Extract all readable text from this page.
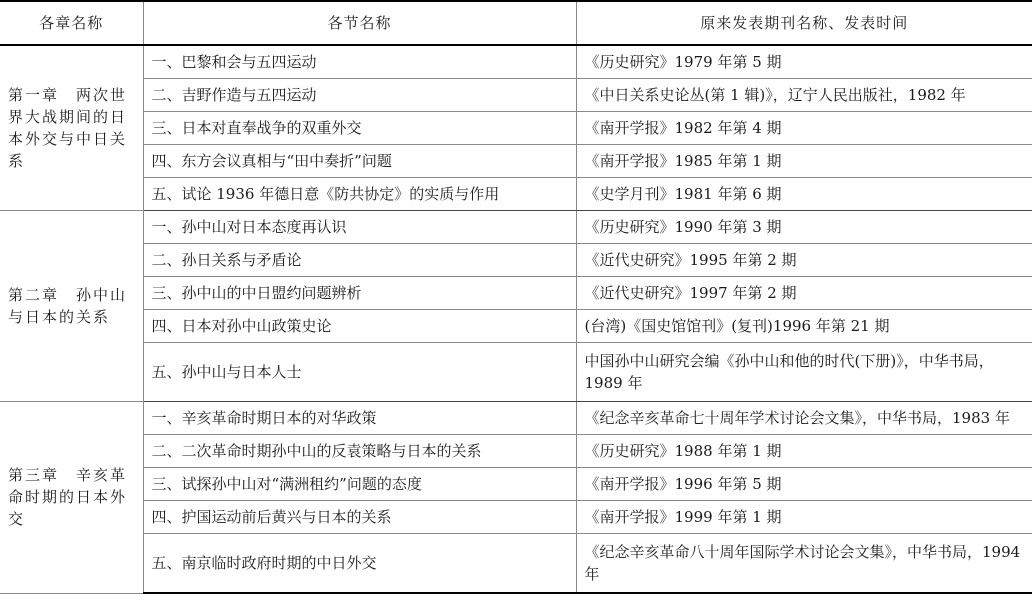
各章名称	各节名称	原来发表期刊名称、发表时间
第一章　两次世界大战期间的日本外交与中日关系	一、巴黎和会与五四运动	《历史研究》1979 年第 5 期
	二、吉野作造与五四运动	《中日关系史论丛(第 1 辑)》，辽宁人民出版社，1982 年
	三、日本对直奉战争的双重外交	《南开学报》1982 年第 4 期
	四、东方会议真相与“田中奏折”问题	《南开学报》1985 年第 1 期
	五、试论 1936 年德日意《防共协定》的实质与作用	《史学月刊》1981 年第 6 期
第二章　孙中山与日本的关系	一、孙中山对日本态度再认识	《历史研究》1990 年第 3 期
	二、孙日关系与矛盾论	《近代史研究》1995 年第 2 期
	三、孙中山的中日盟约问题辨析	《近代史研究》1997 年第 2 期
	四、日本对孙中山政策史论	(台湾)《国史馆馆刊》(复刊)1996 年第 21 期
	五、孙中山与日本人士	中国孙中山研究会编《孙中山和他的时代(下册)》，中华书局，1989 年
第三章　辛亥革命时期的日本外交	一、辛亥革命时期日本的对华政策	《纪念辛亥革命七十周年学术讨论会文集》，中华书局，1983 年
	二、二次革命时期孙中山的反袁策略与日本的关系	《历史研究》1988 年第 1 期
	三、试探孙中山对“满洲租约”问题的态度	《南开学报》1996 年第 5 期
	四、护国运动前后黄兴与日本的关系	《南开学报》1999 年第 1 期
	五、南京临时政府时期的中日外交	《纪念辛亥革命八十周年国际学术讨论会文集》，中华书局，1994 年
